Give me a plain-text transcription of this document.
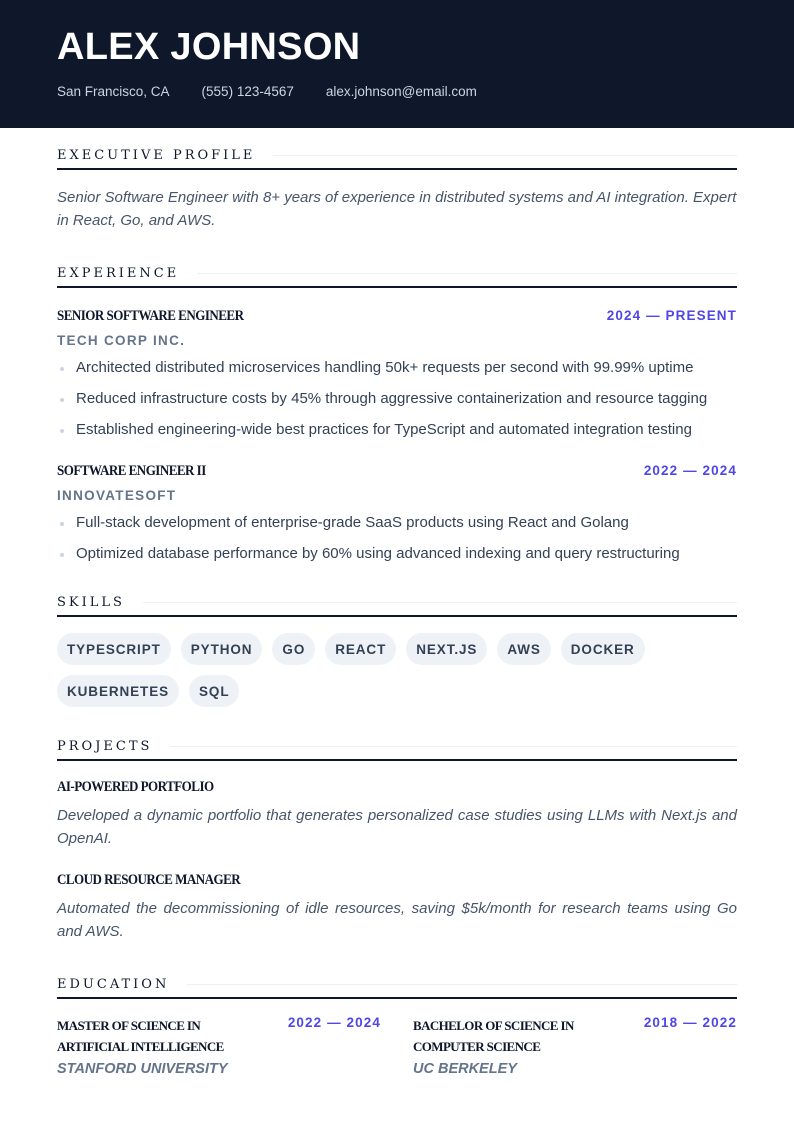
ALEX JOHNSON
San Francisco, CA (555) 123-4567 alex.johnson@email.com
EXECUTIVE PROFILE

Senior Software Engineer with 8+ years of experience in distributed systems and AI integration. Expert in React, Go, and AWS.

EXPERIENCE
SENIOR SOFTWARE ENGINEER	2024 — PRESENT
TECH CORP INC.
Architected distributed microservices handling 50k+ requests per second with 99.99% uptime
Reduced infrastructure costs by 45% through aggressive containerization and resource tagging
Established engineering-wide best practices for TypeScript and automated integration testing
SOFTWARE ENGINEER II	2022 — 2024
INNOVATESOFT
Full-stack development of enterprise-grade SaaS products using React and Golang
Optimized database performance by 60% using advanced indexing and query restructuring
SKILLS
TYPESCRIPT	PYTHON	GO	REACT	NEXT.JS	AWS	DOCKER
KUBERNETES	SQL
PROJECTS
AI-POWERED PORTFOLIO

Developed a dynamic portfolio that generates personalized case studies using LLMs with Next.js and OpenAI.

CLOUD RESOURCE MANAGER

Automated the decommissioning of idle resources, saving $5k/month for research teams using Go and AWS.

EDUCATION
MASTER OF SCIENCE IN ARTIFICIAL INTELLIGENCE
2022 — 2024
STANFORD UNIVERSITY
BACHELOR OF SCIENCE IN COMPUTER SCIENCE
2018 — 2022
UC BERKELEY
